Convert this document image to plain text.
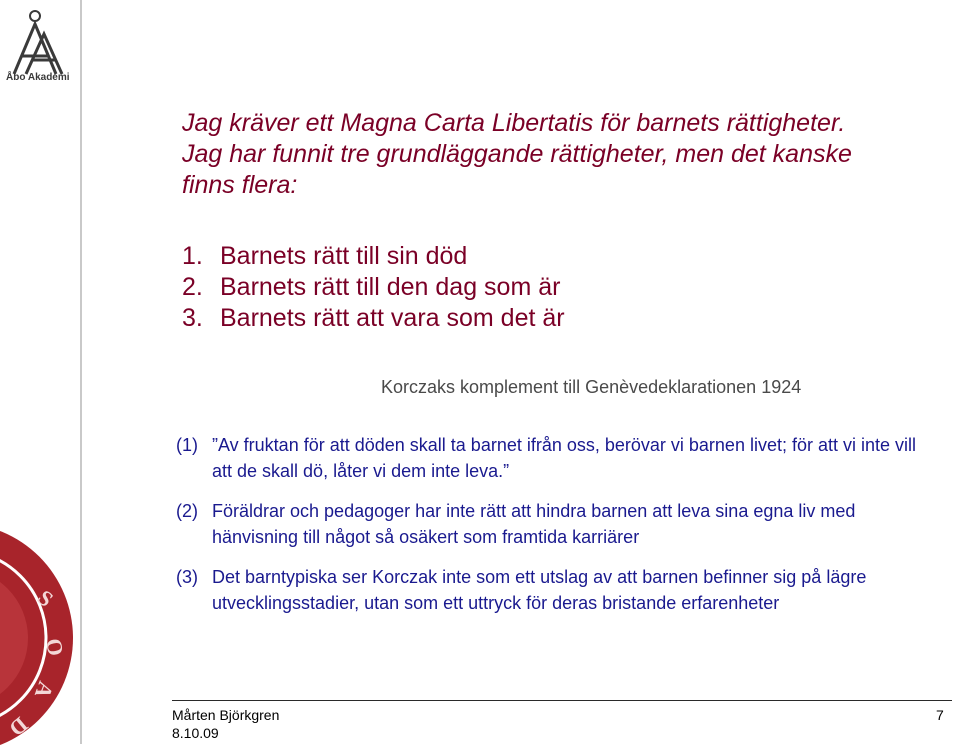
Åbo Akademi
S
O
A
D

Jag kräver ett Magna Carta Libertatis för barnets rättigheter.

Jag har funnit tre grundläggande rättigheter, men det kanske

finns flera:

1. Barnets rätt till sin död
2. Barnets rätt till den dag som är
3. Barnets rätt att vara som det är
Korczaks komplement till Genèvedeklarationen 1924
(1) ”Av fruktan för att döden skall ta barnet ifrån oss, berövar vi barnen livet; för att vi inte vill att de skall dö, låter vi dem inte leva.”
(2) Föräldrar och pedagoger har inte rätt att hindra barnen att leva sina egna liv med hänvisning till något så osäkert som framtida karriärer
(3) Det barntypiska ser Korczak inte som ett utslag av att barnen befinner sig på lägre utvecklingsstadier, utan som ett uttryck för deras bristande erfarenheter
Mårten Björkgren
8.10.09
7
